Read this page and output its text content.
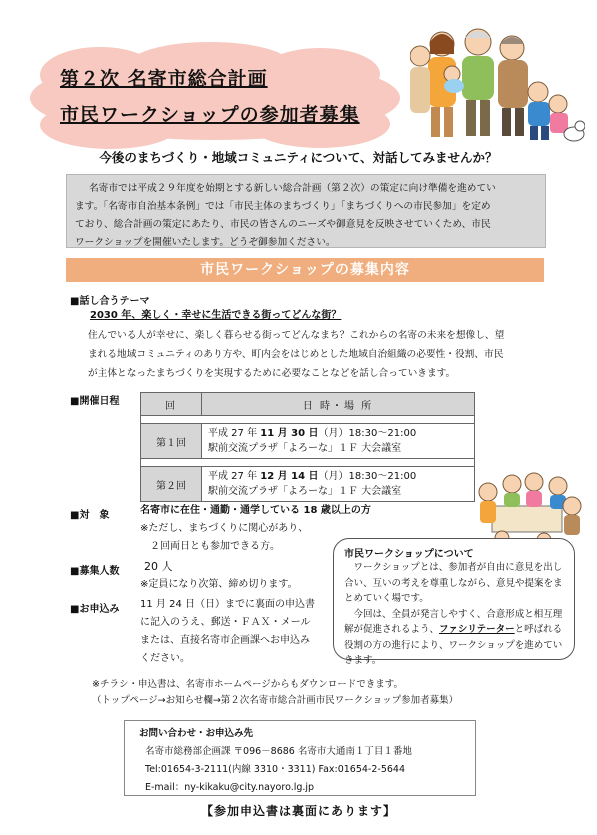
第２次 名寄市総合計画
市民ワークショップの参加者募集
今後のまちづくり・地域コミュニティについて、対話してみませんか？
名寄市では平成２９年度を始期とする新しい総合計画（第２次）の策定に向け準備を進めてい
ます。「名寄市自治基本条例」では「市民主体のまちづくり」「まちづくりへの市民参加」を定め
ており、総合計画の策定にあたり、市民の皆さんのニーズや御意見を反映させていくため、市民
ワークショップを開催いたします。どうぞ御参加ください。
市民ワークショップの募集内容
■話し合うテーマ
2030 年、楽しく・幸せに生活できる街ってどんな街？
住んでいる人が幸せに、楽しく暮らせる街ってどんなまち？これからの名寄の未来を想像し、望
まれる地域コミュニティのあり方や、町内会をはじめとした地域自治組織の必要性・役割、市民
が主体となったまちづくりを実現するために必要なことなどを話し合っていきます。
■開催日程	回	日 時・場 所

第１回	平成 27 年 11 月 30 日（月）18:30～21:00
駅前交流プラザ「よろーな」１Ｆ 大会議室

第２回	平成 27 年 12 月 14 日（月）18:30～21:00
駅前交流プラザ「よろーな」１Ｆ 大会議室
■対　象	名寄市に在住・通勤・通学している 18 歳以上の方
※ただし、まちづくりに関心があり、
２回両日とも参加できる方。
■募集人数 20 人
※定員になり次第、締め切ります。
■お申込み 11 月 24 日（日）までに裏面の申込書
に記入のうえ、郵送・ＦＡＸ・メール
または、直接名寄市企画課へお申込み
ください。
市民ワークショップについて
ワークショップとは、参加者が自由に意見を出し合い、互いの考えを尊重しながら、意見や提案をまとめていく場です。
今回は、全員が発言しやすく、合意形成と相互理解が促進されるよう、ファシリテーターと呼ばれる役割の方の進行により、ワークショップを進めていきます。
※チラシ・申込書は、名寄市ホームページからもダウンロードできます。
（トップページ→お知らせ欄→第２次名寄市総合計画市民ワークショップ参加者募集）
お問い合わせ・お申込み先
名寄市総務部企画課 〒096－8686 名寄市大通南１丁目１番地
Tel:01654-3-2111(内線 3310・3311) Fax:01654-2-5644
E-mail：ny-kikaku@city.nayoro.lg.jp
【参加申込書は裏面にあります】
